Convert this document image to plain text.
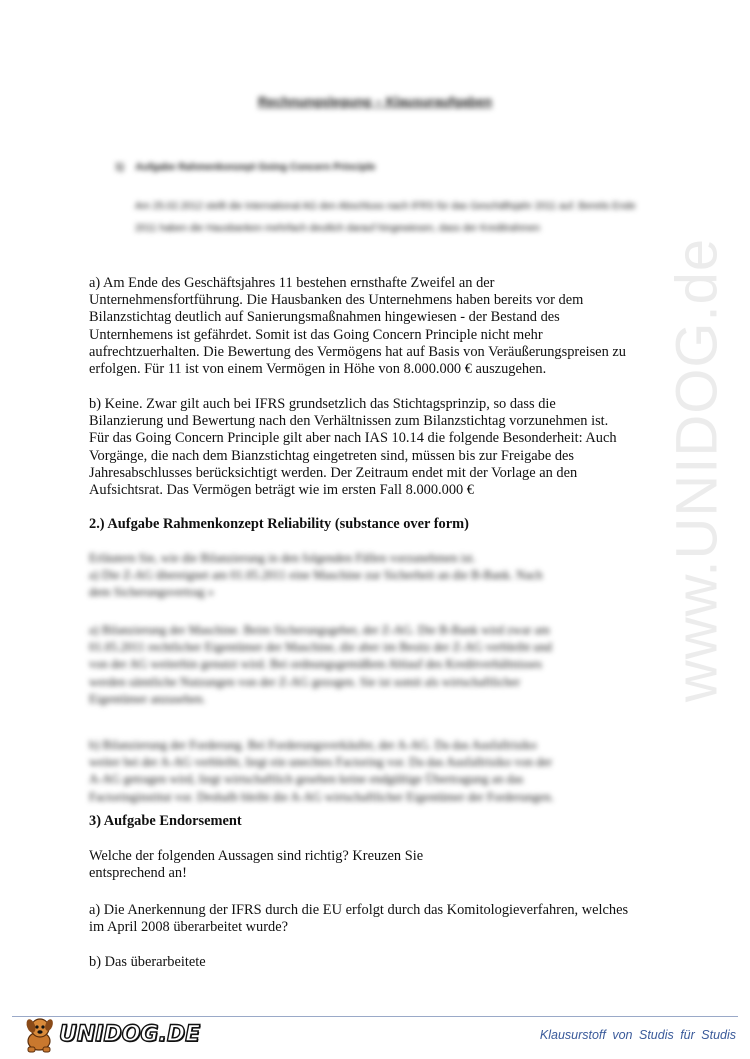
www.UNIDOG.de
Rechnungslegung – Klausuraufgaben
1) Aufgabe Rahmenkonzept Going Concern Principle
Am 25.02.2012 stellt die International AG den Abschluss nach IFRS für das Geschäftsjahr 2011 auf. Bereits Ende 2011 haben die Hausbanken mehrfach deutlich darauf hingewiesen, dass der Kreditrahmen
a) Am Ende des Geschäftsjahres 11 bestehen ernsthafte Zweifel an der
Unternehmensfortführung. Die Hausbanken des Unternehmens haben bereits vor dem
Bilanzstichtag deutlich auf Sanierungsmaßnahmen hingewiesen - der Bestand des
Unternhemens ist gefährdet. Somit ist das Going Concern Principle nicht mehr
aufrechtzuerhalten. Die Bewertung des Vermögens hat auf Basis von Veräußerungspreisen zu
erfolgen. Für 11 ist von einem Vermögen in Höhe von 8.000.000 € auszugehen.
b) Keine. Zwar gilt auch bei IFRS grundsetzlich das Stichtagsprinzip, so dass die
Bilanzierung und Bewertung nach den Verhältnissen zum Bilanzstichtag vorzunehmen ist.
Für das Going Concern Principle gilt aber nach IAS 10.14 die folgende Besonderheit: Auch
Vorgänge, die nach dem Bianzstichtag eingetreten sind, müssen bis zur Freigabe des
Jahresabschlusses berücksichtigt werden. Der Zeitraum endet mit der Vorlage an den
Aufsichtsrat. Das Vermögen beträgt wie im ersten Fall 8.000.000 €
2.) Aufgabe Rahmenkonzept Reliability (substance over form)
Erläutern Sie, wie die Bilanzierung in den folgenden Fällen vorzunehmen ist.
a) Die Z-AG übereignet am 01.05.2011 eine Maschine zur Sicherheit an die B-Bank. Nach
dem Sicherungsvertrag »
a) Bilanzierung der Maschine. Beim Sicherungsgeber, der Z-AG. Die B-Bank wird zwar am
01.05.2011 rechtlicher Eigentümer der Maschine, die aber im Besitz der Z-AG verbleibt und
von der AG weiterhin genutzt wird. Bei ordnungsgemäßem Ablauf des Kreditverhältnisses
werden sämtliche Nutzungen von der Z-AG gezogen. Sie ist somit als wirtschaftlicher
Eigentümer anzusehen.
b) Bilanzierung der Forderung. Bei Forderungsverkäufer, der A-AG. Da das Ausfallrisiko
weiter bei der A-AG verbleibt, liegt ein unechtes Factoring vor. Da das Ausfallrisiko von der
A-AG getragen wird, liegt wirtschaftlich gesehen keine endgültige Übertragung an das
Factoringinstitut vor. Deshalb bleibt die A-AG wirtschaftlicher Eigentümer der Forderungen.
3) Aufgabe Endorsement
Welche der folgenden Aussagen sind richtig? Kreuzen Sie
entsprechend an!
a) Die Anerkennung der IFRS durch die EU erfolgt durch das Komitologieverfahren, welches
im April 2008 überarbeitet wurde?
b) Das überarbeitete
UNIDOG.DE	Klausurstoff von Studis für Studis
